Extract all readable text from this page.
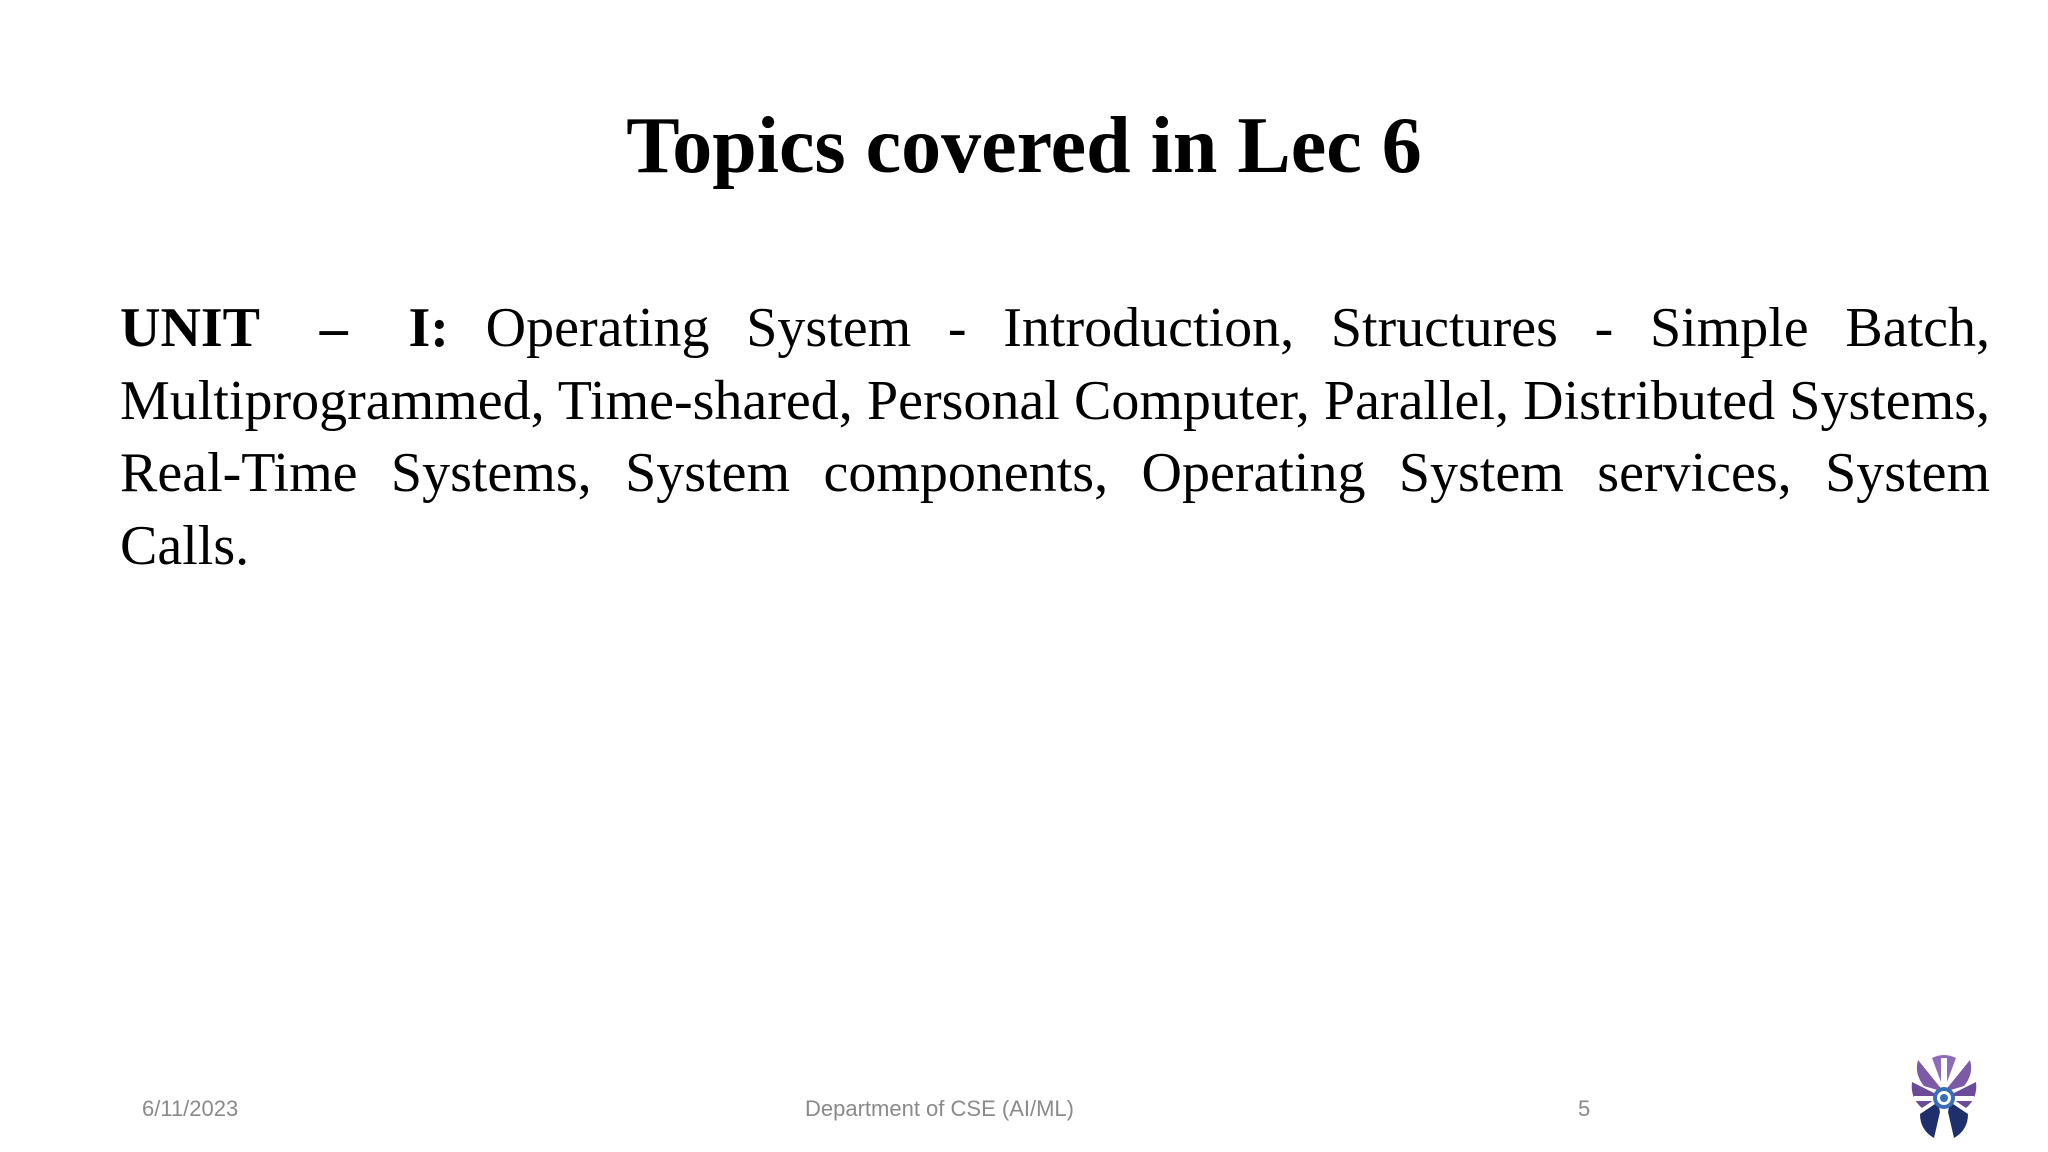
Topics covered in Lec 6
UNIT – I: Operating System - Introduction, Structures - Simple Batch, Multiprogrammed, Time-shared, Personal Computer, Parallel, Distributed Systems, Real-Time Systems, System components, Operating System services, System Calls.
6/11/2023	Department of CSE (AI/ML)	5
